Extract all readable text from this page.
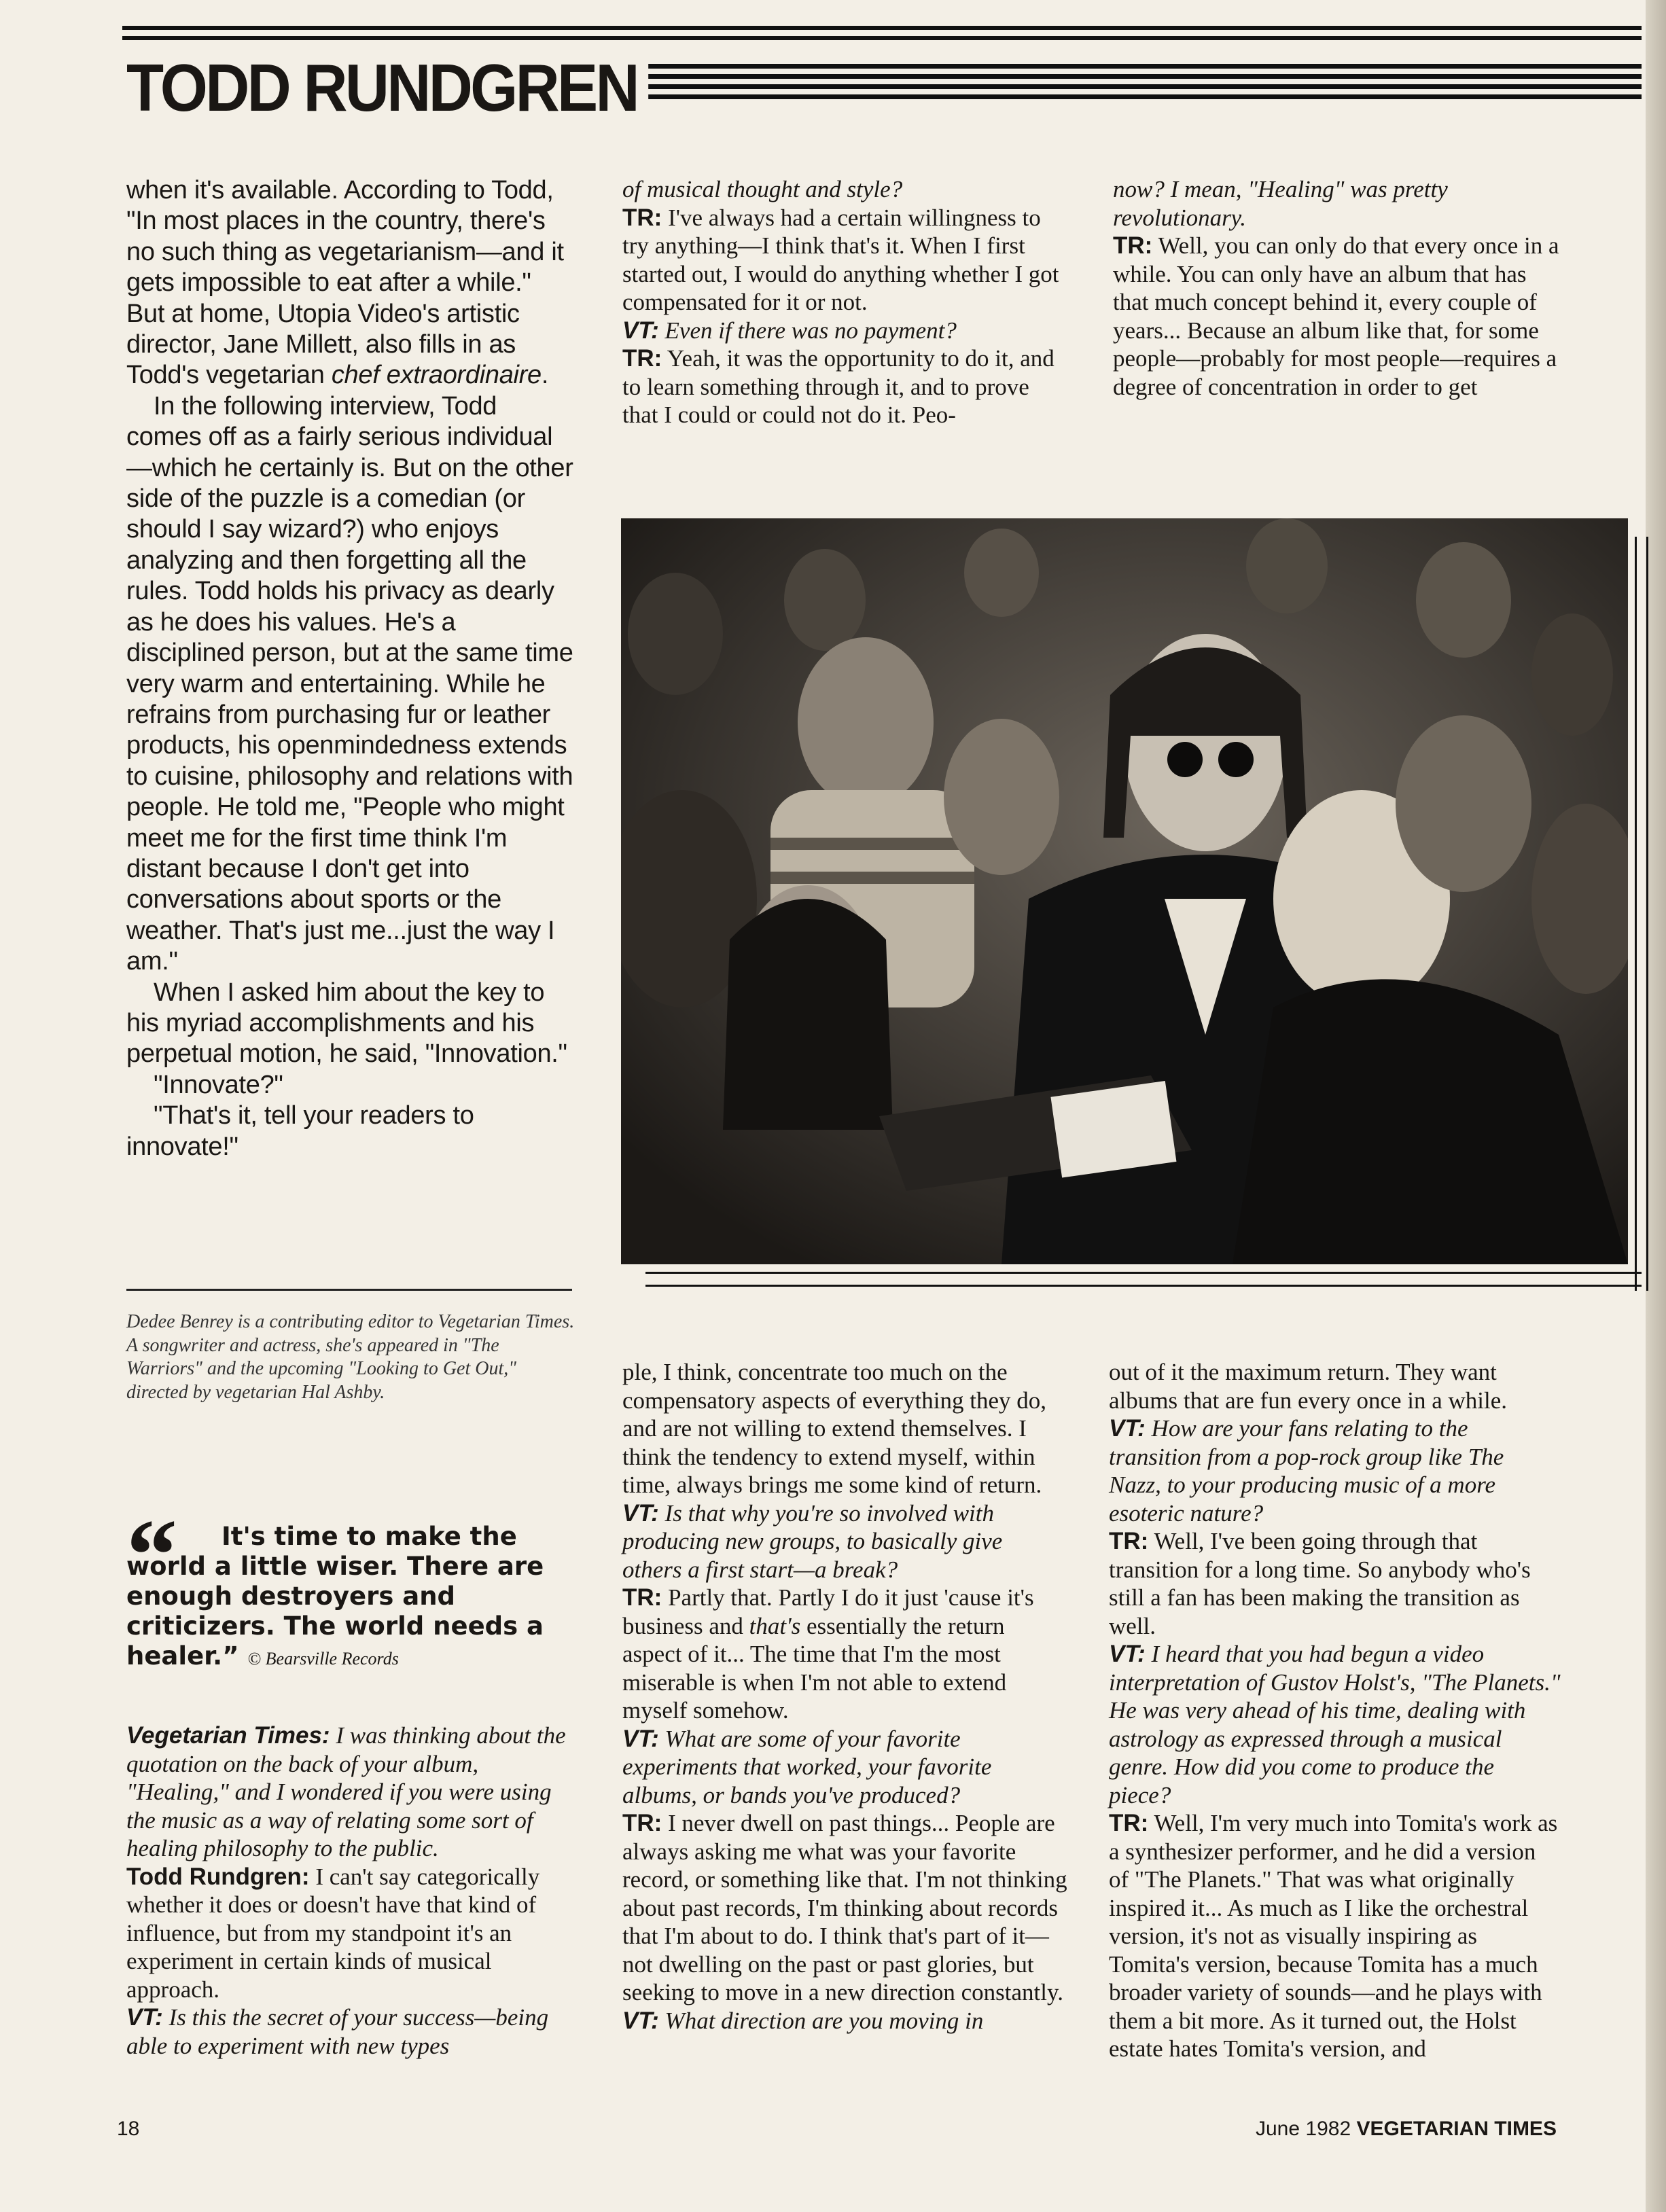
TODD RUNDGREN

when it's available. According to Todd, "In most places in the country, there's no such thing as vegetarianism—and it gets impossible to eat after a while." But at home, Utopia Video's artistic director, Jane Millett, also fills in as Todd's vegetarian chef extraordinaire.

In the following interview, Todd comes off as a fairly serious individual—which he certainly is. But on the other side of the puzzle is a comedian (or should I say wizard?) who enjoys analyzing and then forgetting all the rules. Todd holds his privacy as dearly as he does his values. He's a disciplined person, but at the same time very warm and entertaining. While he refrains from purchasing fur or leather products, his openmindedness extends to cuisine, philosophy and relations with people. He told me, "People who might meet me for the first time think I'm distant because I don't get into conversations about sports or the weather. That's just me...just the way I am."

When I asked him about the key to his myriad accomplishments and his perpetual motion, he said, "Innovation."

"Innovate?"

"That's it, tell your readers to innovate!"

Dedee Benrey is a contributing editor to Vegetarian Times. A songwriter and actress, she's appeared in "The Warriors" and the upcoming "Looking to Get Out," directed by vegetarian Hal Ashby.
“	It's time to make the world a little wiser. There are enough destroyers and criticizers. The world needs a healer.” © Bearsville Records
Vegetarian Times: I was thinking about the quotation on the back of your album, "Healing," and I wondered if you were using the music as a way of relating some sort of healing philosophy to the public.
Todd Rundgren: I can't say categorically whether it does or doesn't have that kind of influence, but from my standpoint it's an experiment in certain kinds of musical approach.
VT: Is this the secret of your success—being able to experiment with new types
of musical thought and style?
TR: I've always had a certain willingness to try anything—I think that's it. When I first started out, I would do anything whether I got compensated for it or not.
VT: Even if there was no payment?
TR: Yeah, it was the opportunity to do it, and to learn something through it, and to prove that I could or could not do it. Peo-
now? I mean, "Healing" was pretty revolutionary.
TR: Well, you can only do that every once in a while. You can only have an album that has that much concept behind it, every couple of years... Because an album like that, for some people—probably for most people—requires a degree of concentration in order to get
ple, I think, concentrate too much on the compensatory aspects of everything they do, and are not willing to extend themselves. I think the tendency to extend myself, within time, always brings me some kind of return.
VT: Is that why you're so involved with producing new groups, to basically give others a first start—a break?
TR: Partly that. Partly I do it just 'cause it's business and that's essentially the return aspect of it... The time that I'm the most miserable is when I'm not able to extend myself somehow.
VT: What are some of your favorite experiments that worked, your favorite albums, or bands you've produced?
TR: I never dwell on past things... People are always asking me what was your favorite record, or something like that. I'm not thinking about past records, I'm thinking about records that I'm about to do. I think that's part of it—not dwelling on the past or past glories, but seeking to move in a new direction constantly.
VT: What direction are you moving in
out of it the maximum return. They want albums that are fun every once in a while.
VT: How are your fans relating to the transition from a pop-rock group like The Nazz, to your producing music of a more esoteric nature?
TR: Well, I've been going through that transition for a long time. So anybody who's still a fan has been making the transition as well.
VT: I heard that you had begun a video interpretation of Gustov Holst's, "The Planets." He was very ahead of his time, dealing with astrology as expressed through a musical genre. How did you come to produce the piece?
TR: Well, I'm very much into Tomita's work as a synthesizer performer, and he did a version of "The Planets." That was what originally inspired it... As much as I like the orchestral version, it's not as visually inspiring as Tomita's version, because Tomita has a much broader variety of sounds—and he plays with them a bit more. As it turned out, the Holst estate hates Tomita's version, and
18	June 1982 VEGETARIAN TIMES
